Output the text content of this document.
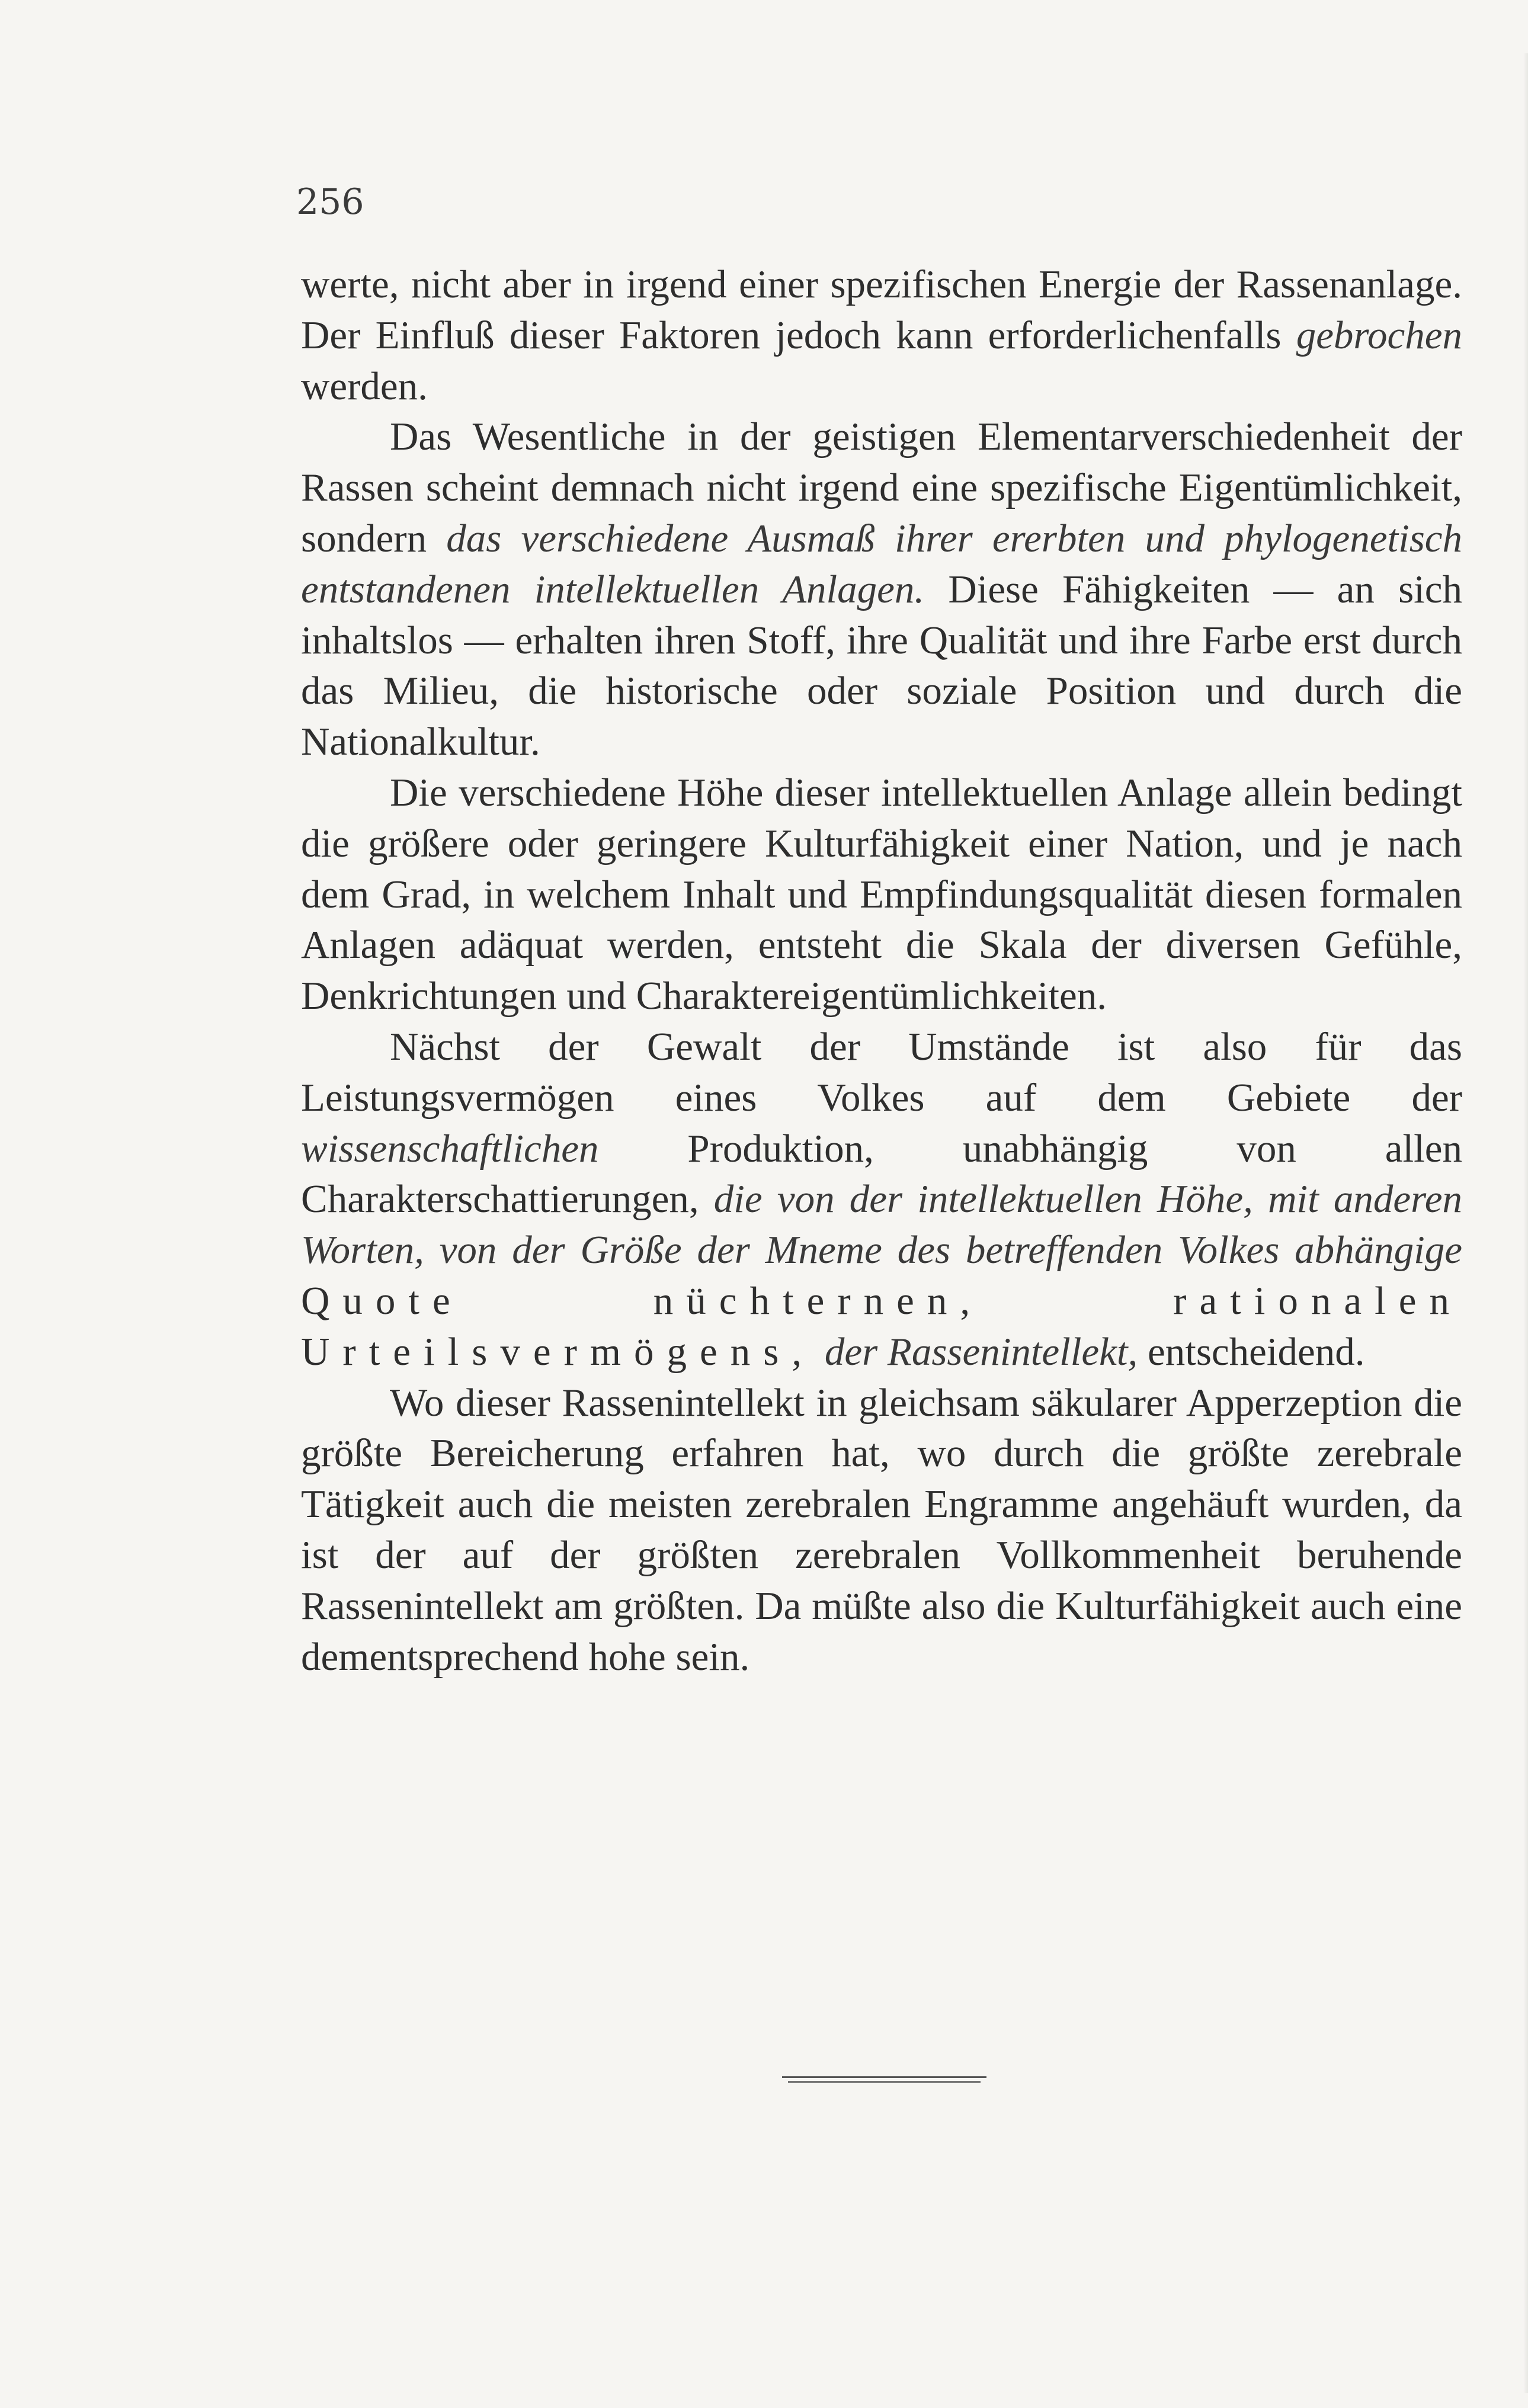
256

werte, nicht aber in irgend einer spezifischen Energie der Rassenanlage. Der Einfluß dieser Faktoren jedoch kann erforderlichenfalls gebrochen werden.

Das Wesentliche in der geistigen Elementarverschiedenheit der Rassen scheint demnach nicht irgend eine spezifische Eigentümlichkeit, sondern das verschiedene Ausmaß ihrer ererbten und phylogenetisch entstandenen intellektuellen Anlagen. Diese Fähigkeiten — an sich inhaltslos — erhalten ihren Stoff, ihre Qualität und ihre Farbe erst durch das Milieu, die historische oder soziale Position und durch die Nationalkultur.

Die verschiedene Höhe dieser intellektuellen Anlage allein bedingt die größere oder geringere Kulturfähigkeit einer Nation, und je nach dem Grad, in welchem Inhalt und Empfindungsqualität diesen formalen Anlagen adäquat werden, entsteht die Skala der diversen Gefühle, Denkrichtungen und Charaktereigentümlichkeiten.

Nächst der Gewalt der Umstände ist also für das Leistungsvermögen eines Volkes auf dem Gebiete der wissenschaftlichen Produktion, unabhängig von allen Charakterschattierungen, die von der intellektuellen Höhe, mit anderen Worten, von der Größe der Mneme des betreffenden Volkes abhängige Quote nüchternen, rationalen Urteilsvermögens, der Rassenintellekt, entscheidend.

Wo dieser Rassenintellekt in gleichsam säkularer Apperzeption die größte Bereicherung erfahren hat, wo durch die größte zerebrale Tätigkeit auch die meisten zerebralen Engramme angehäuft wurden, da ist der auf der größten zerebralen Vollkommenheit beruhende Rassenintellekt am größten. Da müßte also die Kulturfähigkeit auch eine dementsprechend hohe sein.
